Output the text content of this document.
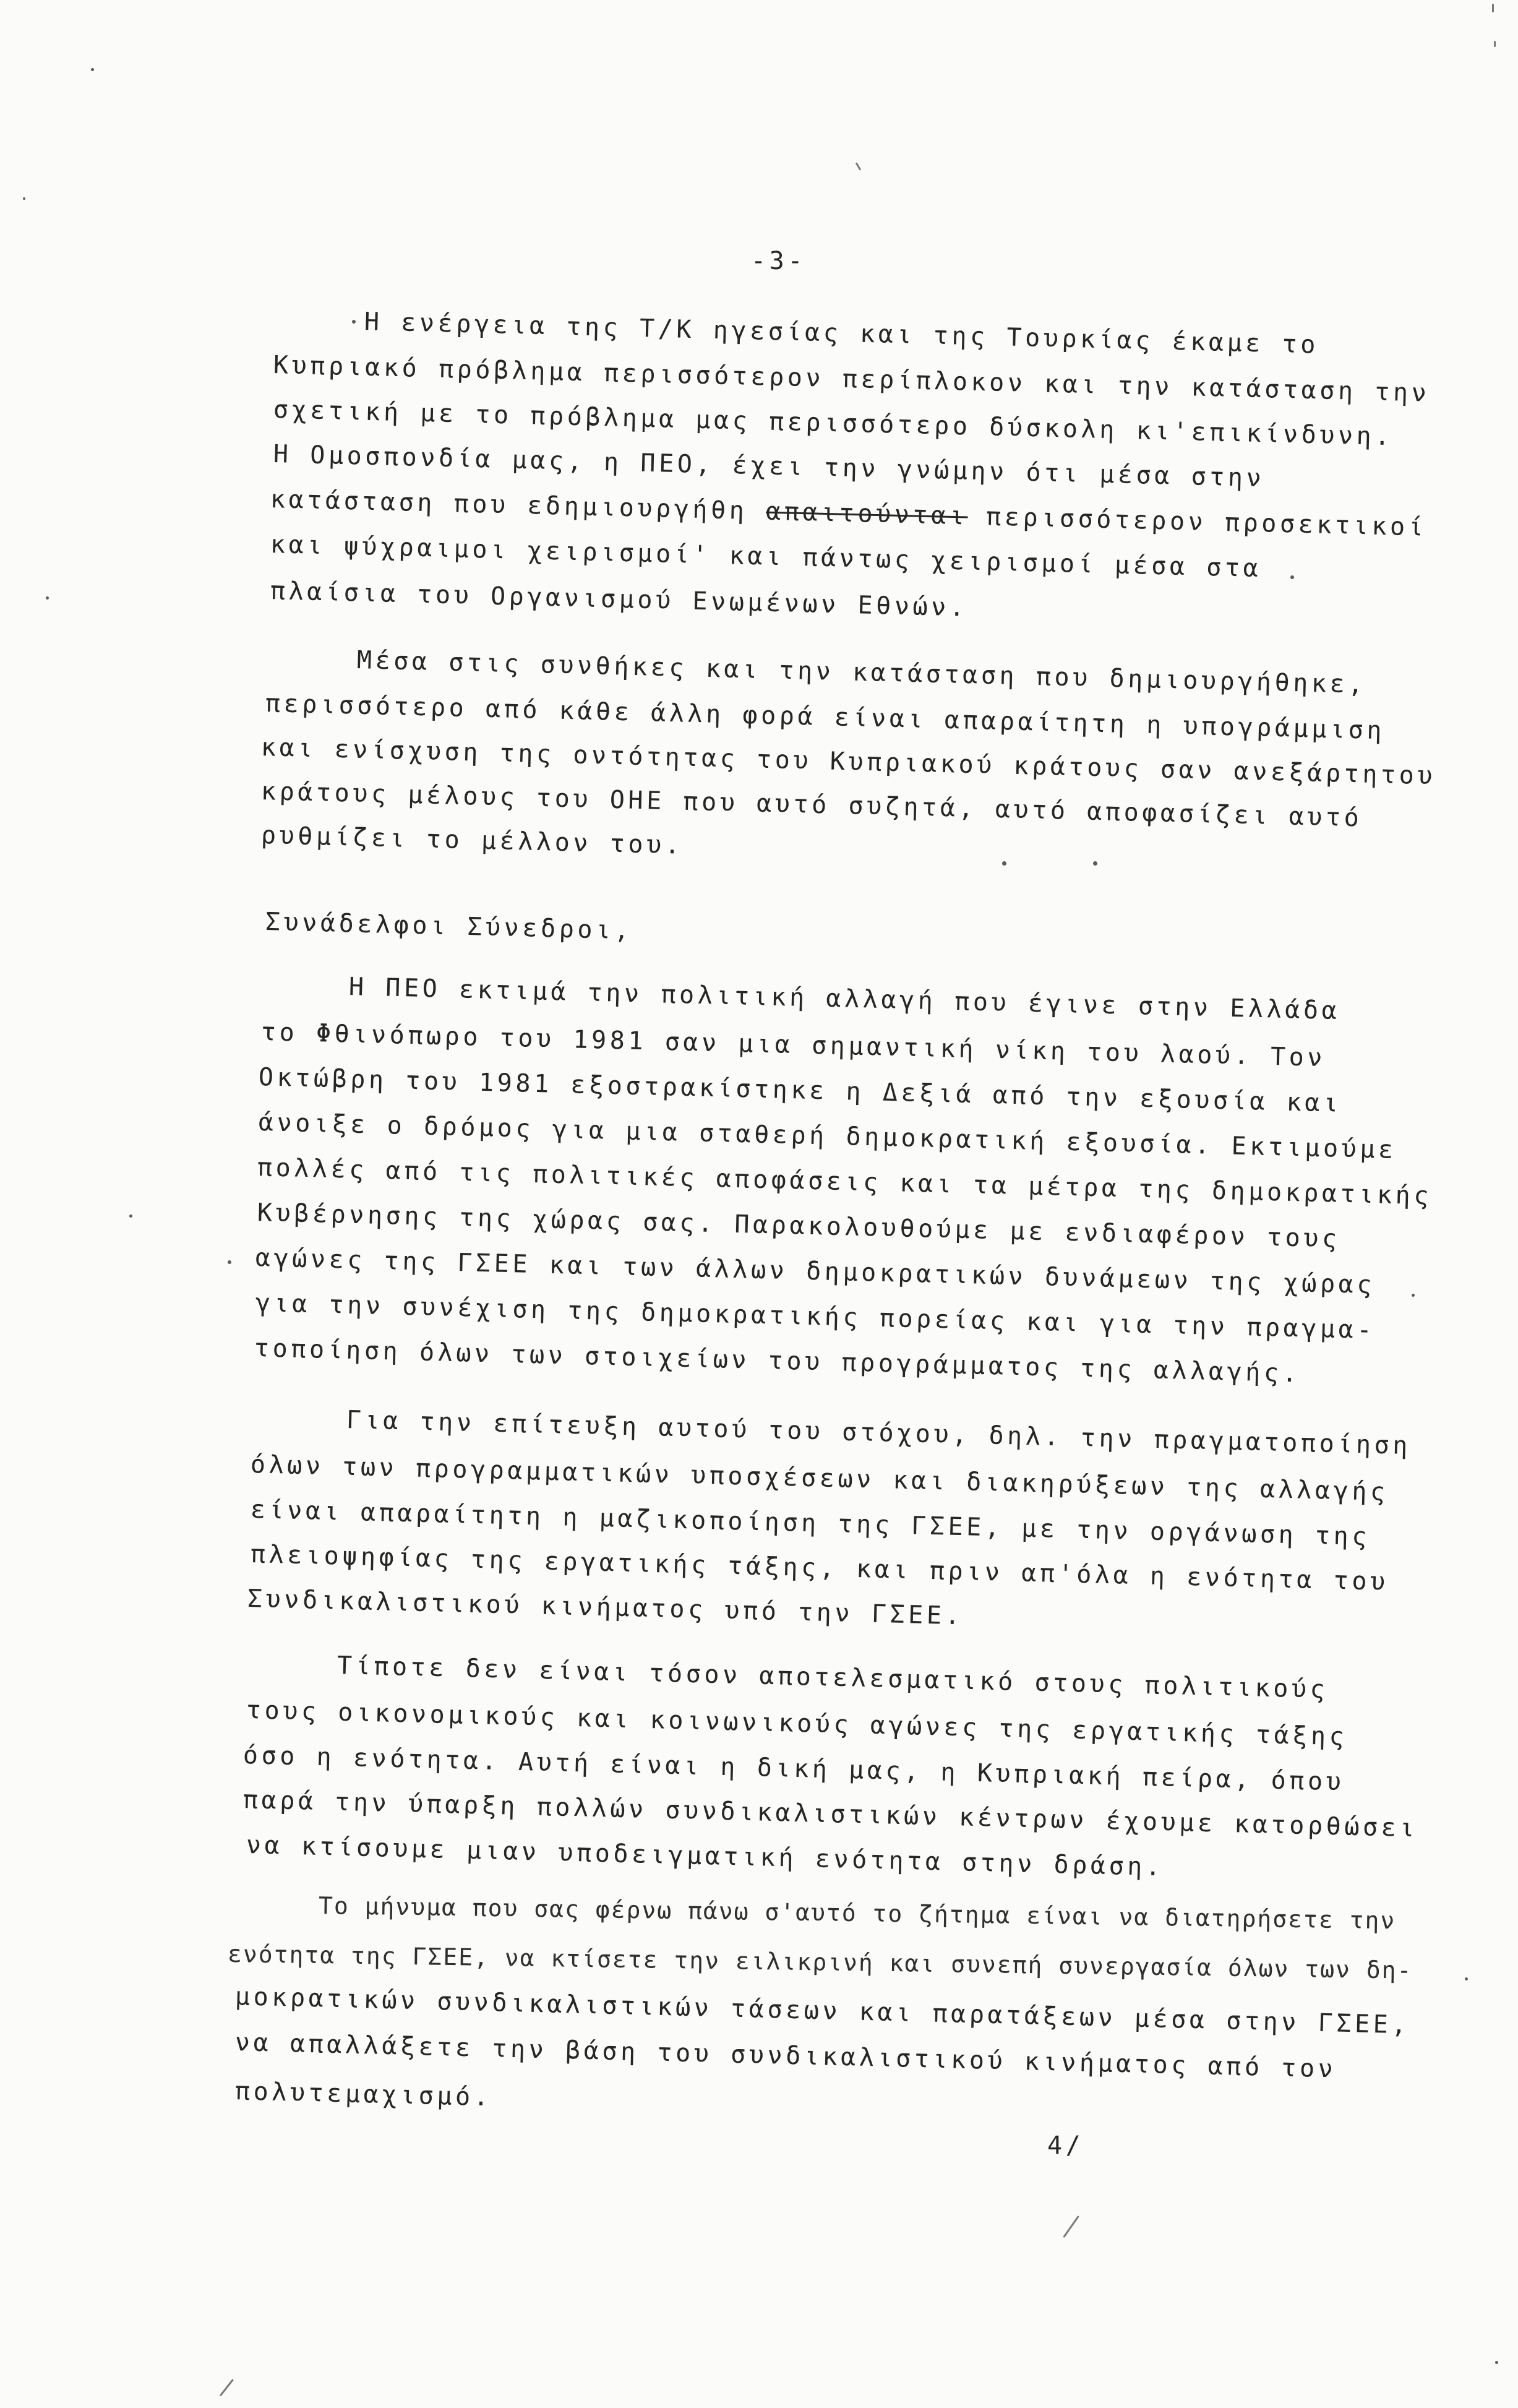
-3-
Η ενέργεια της Τ/Κ ηγεσίας και της Τουρκίας έκαμε το
Κυπριακό πρόβλημα περισσότερον περίπλοκον και την κατάσταση την
σχετική με το πρόβλημα μας περισσότερο δύσκολη κι'επικίνδυνη.
Η Ομοσπονδία μας, η ΠΕΟ, έχει την γνώμην ότι μέσα στην
κατάσταση που εδημιουργήθη απαιτούνται περισσότερον προσεκτικοί
και ψύχραιμοι χειρισμοί' και πάντως χειρισμοί μέσα στα
πλαίσια του Οργανισμού Ενωμένων Εθνών.
Μέσα στις συνθήκες και την κατάσταση που δημιουργήθηκε,
περισσότερο από κάθε άλλη φορά είναι απαραίτητη η υπογράμμιση
και ενίσχυση της οντότητας του Κυπριακού κράτους σαν ανεξάρτητου
κράτους μέλους του ΟΗΕ που αυτό συζητά, αυτό αποφασίζει αυτό
ρυθμίζει το μέλλον του.
Συνάδελφοι Σύνεδροι,
Η ΠΕΟ εκτιμά την πολιτική αλλαγή που έγινε στην Ελλάδα
το Φθινόπωρο του 1981 σαν μια σημαντική νίκη του λαού. Τον
Οκτώβρη του 1981 εξοστρακίστηκε η Δεξιά από την εξουσία και
άνοιξε ο δρόμος για μια σταθερή δημοκρατική εξουσία. Εκτιμούμε
πολλές από τις πολιτικές αποφάσεις και τα μέτρα της δημοκρατικής
Κυβέρνησης της χώρας σας. Παρακολουθούμε με ενδιαφέρον τους
αγώνες της ΓΣΕΕ και των άλλων δημοκρατικών δυνάμεων της χώρας
για την συνέχιση της δημοκρατικής πορείας και για την πραγμα-
τοποίηση όλων των στοιχείων του προγράμματος της αλλαγής.
Για την επίτευξη αυτού του στόχου, δηλ. την πραγματοποίηση
όλων των προγραμματικών υποσχέσεων και διακηρύξεων της αλλαγής
είναι απαραίτητη η μαζικοποίηση της ΓΣΕΕ, με την οργάνωση της
πλειοψηφίας της εργατικής τάξης, και πριν απ'όλα η ενότητα του
Συνδικαλιστικού κινήματος υπό την ΓΣΕΕ.
Τίποτε δεν είναι τόσον αποτελεσματικό στους πολιτικούς
τους οικονομικούς και κοινωνικούς αγώνες της εργατικής τάξης
όσο η ενότητα. Αυτή είναι η δική μας, η Κυπριακή πείρα, όπου
παρά την ύπαρξη πολλών συνδικαλιστικών κέντρων έχουμε κατορθώσει
να κτίσουμε μιαν υποδειγματική ενότητα στην δράση.
Το μήνυμα που σας φέρνω πάνω σ'αυτό το ζήτημα είναι να διατηρήσετε την
ενότητα της ΓΣΕΕ, να κτίσετε την ειλικρινή και συνεπή συνεργασία όλων των δη-
μοκρατικών συνδικαλιστικών τάσεων και παρατάξεων μέσα στην ΓΣΕΕ,
να απαλλάξετε την βάση του συνδικαλιστικού κινήματος από τον
πολυτεμαχισμό.
4/
